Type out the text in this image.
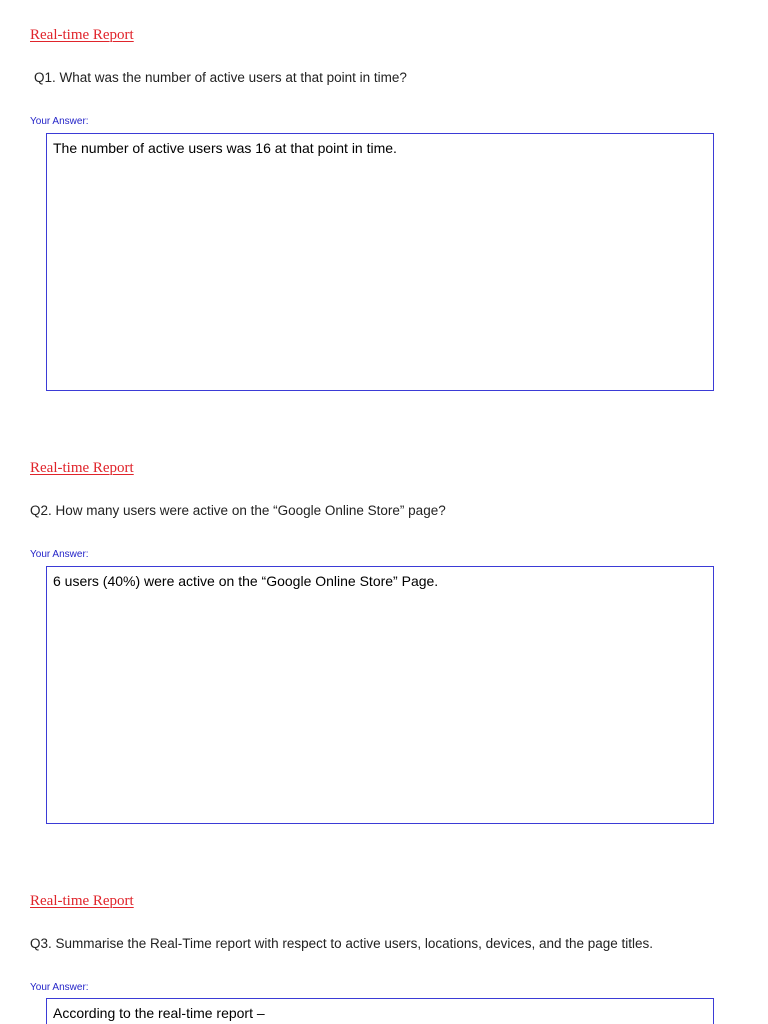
Real-time Report
Q1. What was the number of active users at that point in time?
Your Answer:
The number of active users was 16 at that point in time.
Real-time Report
Q2. How many users were active on the “Google Online Store” page?
Your Answer:
6 users (40%) were active on the “Google Online Store” Page.
Real-time Report
Q3. Summarise the Real-Time report with respect to active users, locations, devices, and the page titles.
Your Answer:
According to the real-time report –
